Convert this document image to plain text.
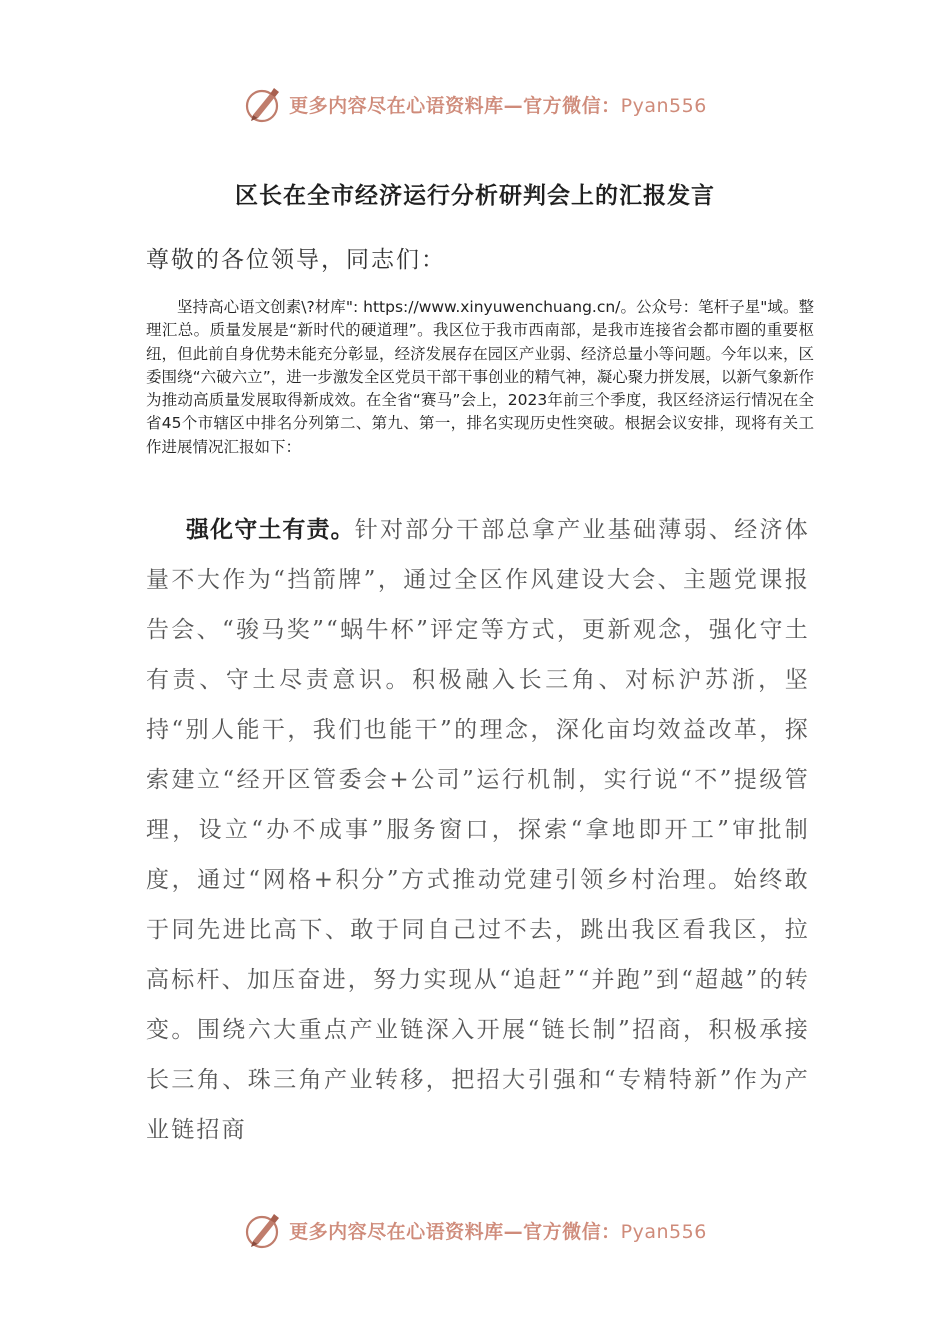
更多内容尽在心语资料库—官方微信：Pyan556
区长在全市经济运行分析研判会上的汇报发言

尊敬的各位领导，同志们：

坚持高心语文创素\?材库": https://www.xinyuwenchuang.cn/。公众号：笔杆子星"域。整理汇总。质量发展是“新时代的硬道理”。我区位于我市西南部，是我市连接省会都市圈的重要枢纽，但此前自身优势未能充分彰显，经济发展存在园区产业弱、经济总量小等问题。今年以来，区委围绕“六破六立”，进一步激发全区党员干部干事创业的精气神，凝心聚力拼发展，以新气象新作为推动高质量发展取得新成效。在全省“赛马”会上，2023年前三个季度，我区经济运行情况在全省45个市辖区中排名分列第二、第九、第一，排名实现历史性突破。根据会议安排，现将有关工作进展情况汇报如下：

强化守土有责。针对部分干部总拿产业基础薄弱、经济体量不大作为“挡箭牌”，通过全区作风建设大会、主题党课报告会、“骏马奖”“蜗牛杯”评定等方式，更新观念，强化守土有责、守土尽责意识。积极融入长三角、对标沪苏浙，坚持“别人能干，我们也能干”的理念，深化亩均效益改革，探索建立“经开区管委会+公司”运行机制，实行说“不”提级管理，设立“办不成事”服务窗口，探索“拿地即开工”审批制度，通过“网格+积分”方式推动党建引领乡村治理。始终敢于同先进比高下、敢于同自己过不去，跳出我区看我区，拉高标杆、加压奋进，努力实现从“追赶”“并跑”到“超越”的转变。围绕六大重点产业链深入开展“链长制”招商，积极承接长三角、珠三角产业转移，把招大引强和“专精特新”作为产业链招商

更多内容尽在心语资料库—官方微信：Pyan556
